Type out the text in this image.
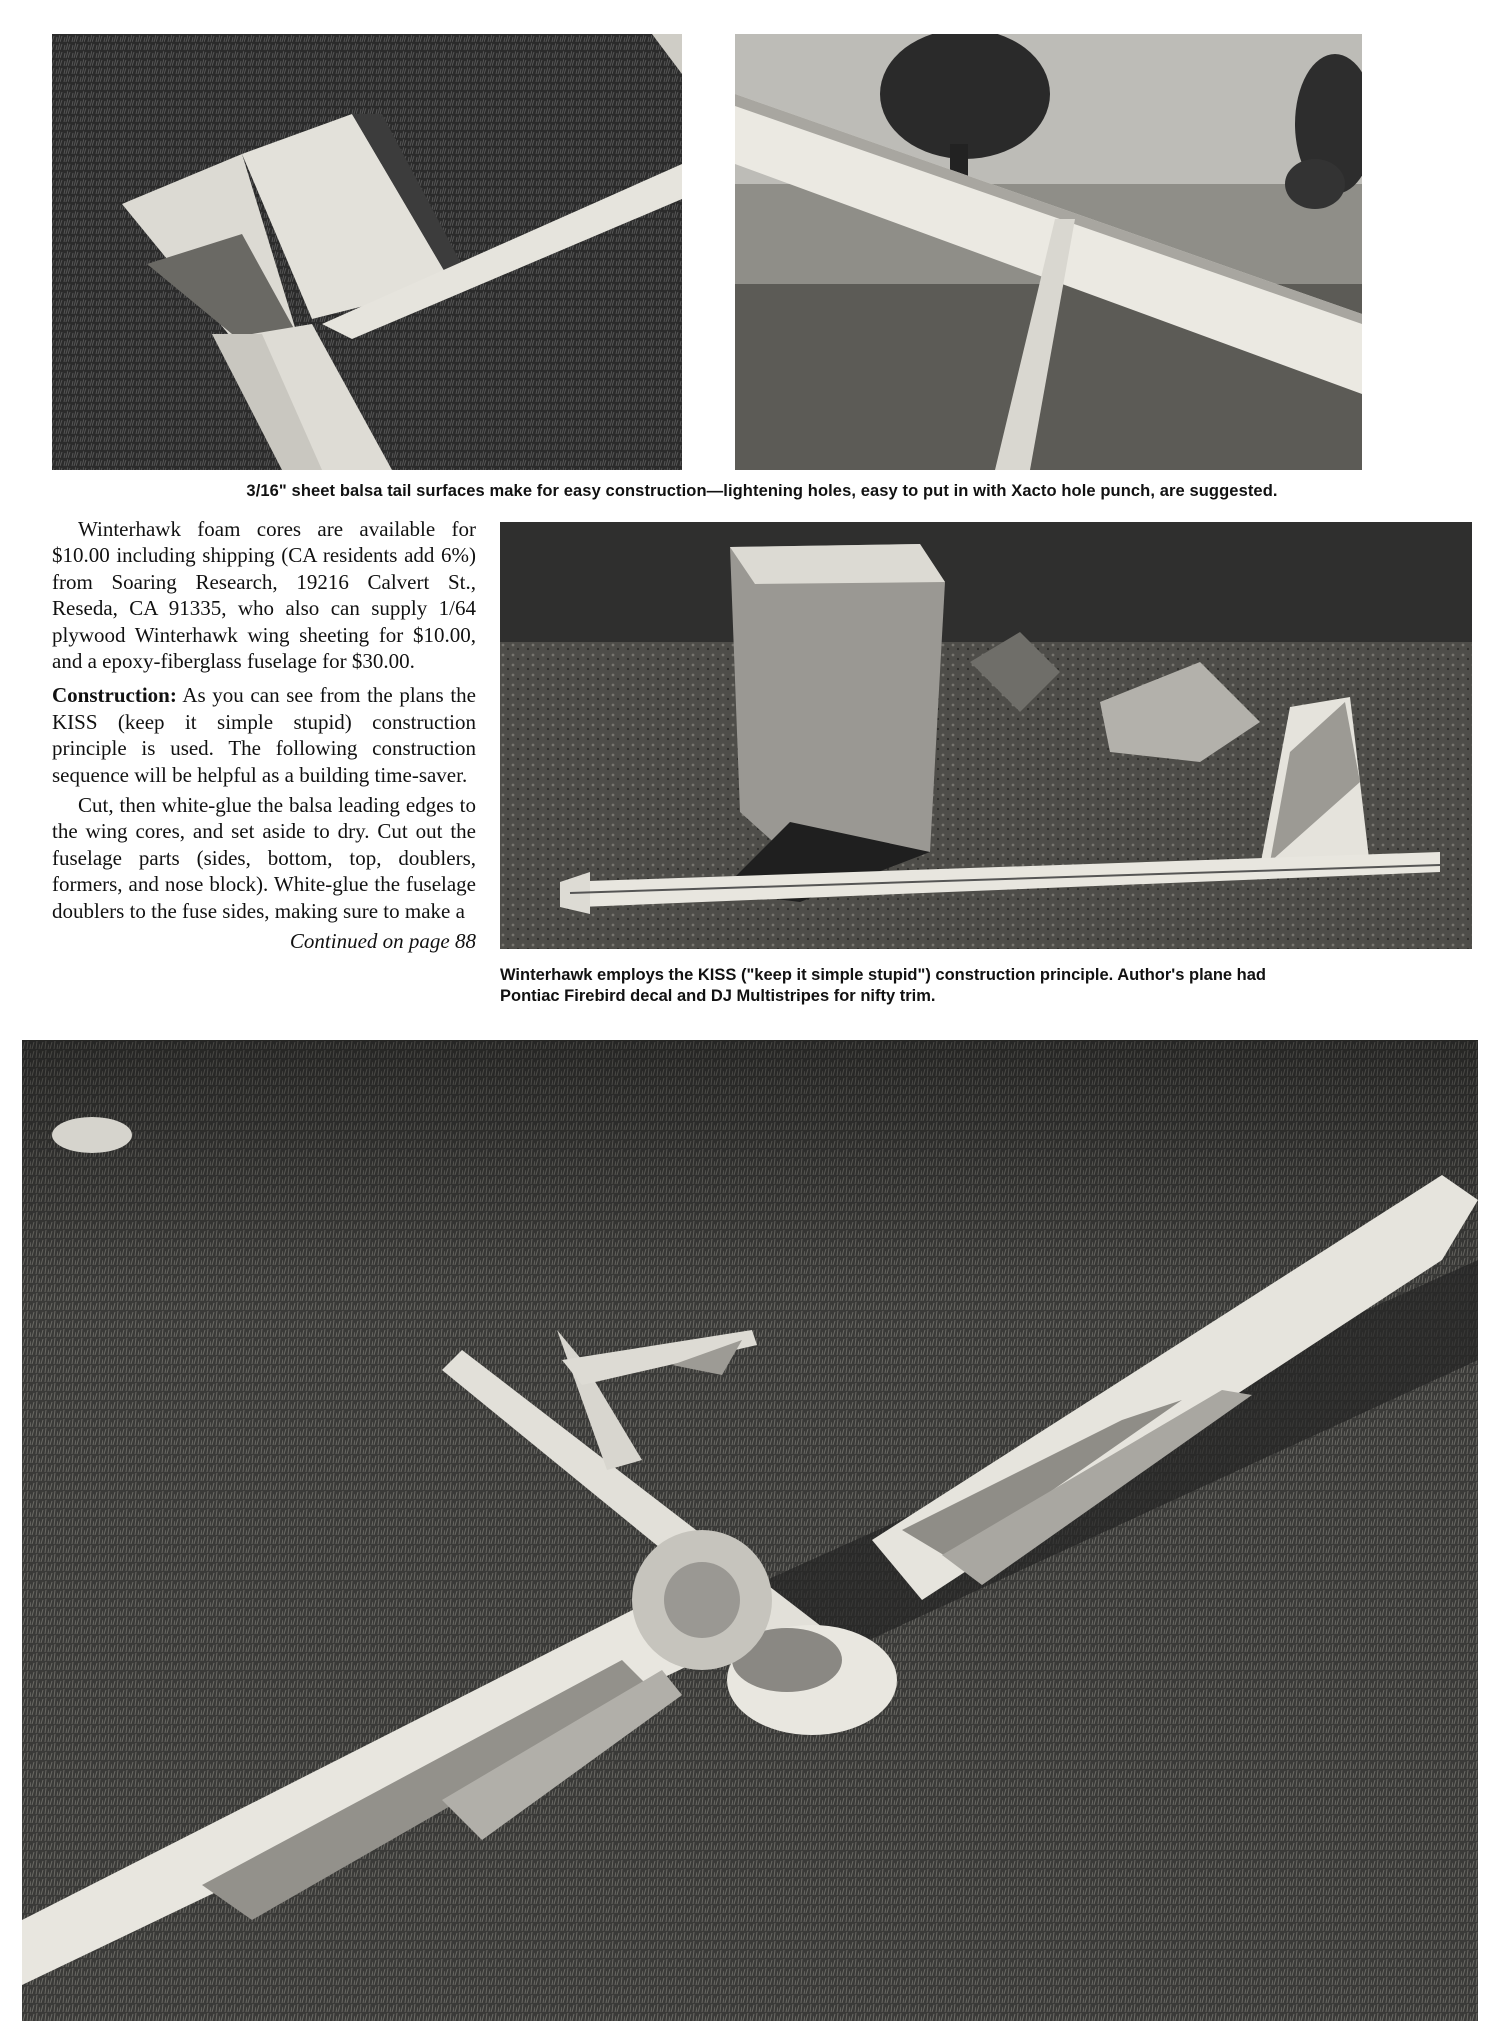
3/16" sheet balsa tail surfaces make for easy construction—lightening holes, easy to put in with Xacto hole punch, are suggested.

Winterhawk foam cores are available for $10.00 including shipping (CA residents add 6%) from Soaring Research, 19216 Calvert St., Reseda, CA 91335, who also can supply 1/64 plywood Winterhawk wing sheeting for $10.00, and a epoxy-fiberglass fuselage for $30.00.

Construction: As you can see from the plans the KISS (keep it simple stupid) construction principle is used. The following construction sequence will be helpful as a building time-saver.

Cut, then white-glue the balsa leading edges to the wing cores, and set aside to dry. Cut out the fuselage parts (sides, bottom, top, doublers, formers, and nose block). White-glue the fuselage doublers to the fuse sides, making sure to make a

Continued on page 88
Winterhawk employs the KISS ("keep it simple stupid") construction principle. Author's plane had
Pontiac Firebird decal and DJ Multistripes for nifty trim.
